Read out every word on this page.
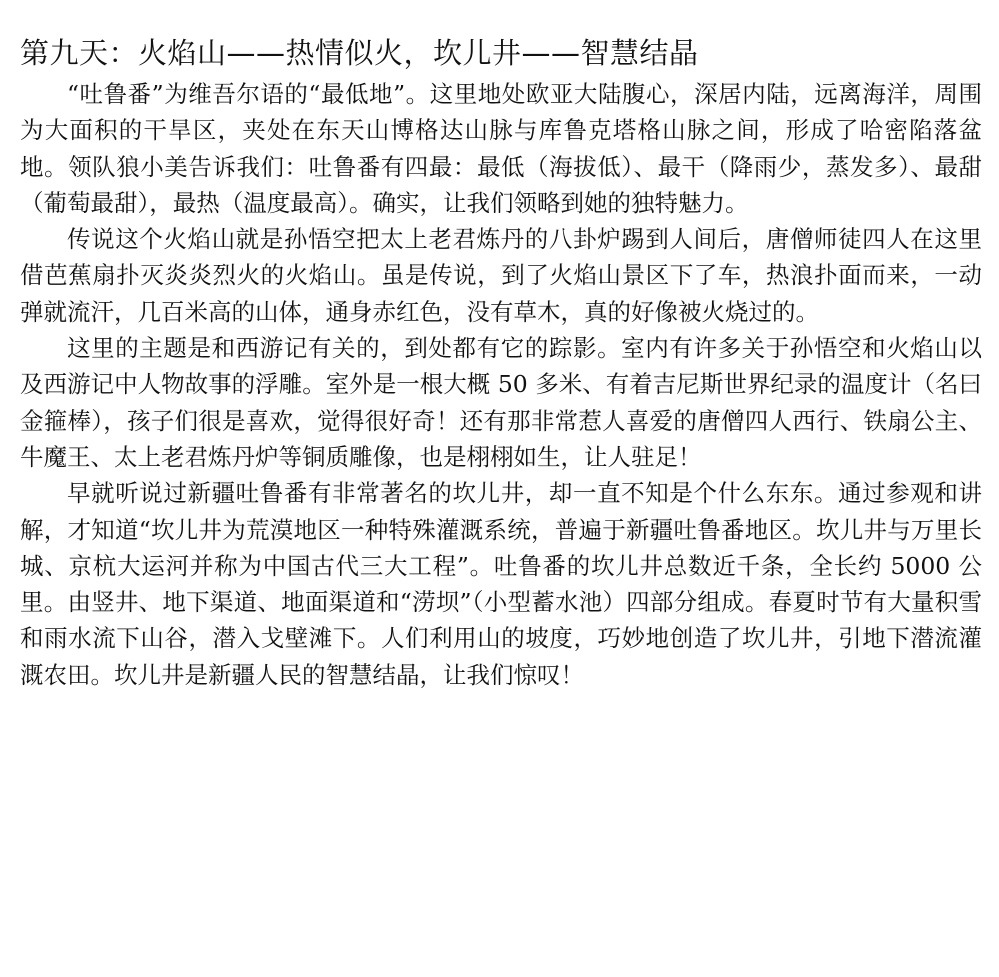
第九天：火焰山——热情似火，坎儿井——智慧结晶

“吐鲁番”为维吾尔语的“最低地”。这里地处欧亚大陆腹心，深居内陆，远离海洋，周围为大面积的干旱区，夹处在东天山博格达山脉与库鲁克塔格山脉之间，形成了哈密陷落盆地。领队狼小美告诉我们：吐鲁番有四最：最低（海拔低）、最干（降雨少，蒸发多）、最甜（葡萄最甜），最热（温度最高）。确实，让我们领略到她的独特魅力。

传说这个火焰山就是孙悟空把太上老君炼丹的八卦炉踢到人间后，唐僧师徒四人在这里借芭蕉扇扑灭炎炎烈火的火焰山。虽是传说，到了火焰山景区下了车，热浪扑面而来，一动弹就流汗，几百米高的山体，通身赤红色，没有草木，真的好像被火烧过的。

这里的主题是和西游记有关的，到处都有它的踪影。室内有许多关于孙悟空和火焰山以及西游记中人物故事的浮雕。室外是一根大概 50 多米、有着吉尼斯世界纪录的温度计（名曰金箍棒），孩子们很是喜欢，觉得很好奇！还有那非常惹人喜爱的唐僧四人西行、铁扇公主、牛魔王、太上老君炼丹炉等铜质雕像，也是栩栩如生，让人驻足！

早就听说过新疆吐鲁番有非常著名的坎儿井，却一直不知是个什么东东。通过参观和讲解，才知道“坎儿井为荒漠地区一种特殊灌溉系统，普遍于新疆吐鲁番地区。坎儿井与万里长城、京杭大运河并称为中国古代三大工程”。吐鲁番的坎儿井总数近千条，全长约 5000 公里。由竖井、地下渠道、地面渠道和“涝坝”（小型蓄水池）四部分组成。春夏时节有大量积雪和雨水流下山谷，潜入戈壁滩下。人们利用山的坡度，巧妙地创造了坎儿井，引地下潜流灌溉农田。坎儿井是新疆人民的智慧结晶，让我们惊叹！
